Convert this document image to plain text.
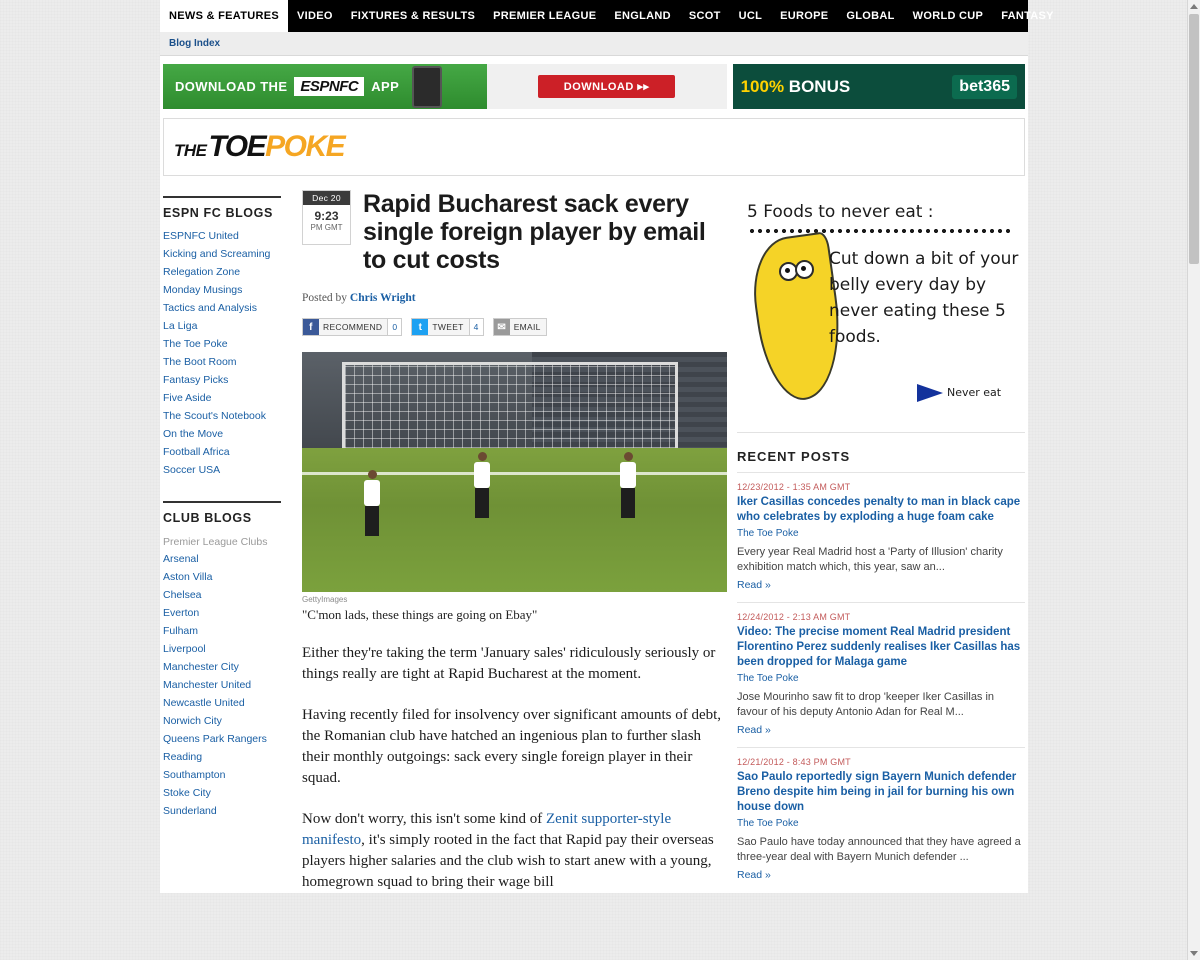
NEWS & FEATURES VIDEO FIXTURES & RESULTS PREMIER LEAGUE ENGLAND SCOT UCL EUROPE GLOBAL WORLD CUP FANTASY
Blog Index
DOWNLOAD THE ESPNFC	APP	DOWNLOAD ▸▸	100% BONUS	bet365
THE TOE POKE
ESPN FC BLOGS
ESPNFC United
Kicking and Screaming
Relegation Zone
Monday Musings
Tactics and Analysis
La Liga
The Toe Poke
The Boot Room
Fantasy Picks
Five Aside
The Scout's Notebook
On the Move
Football Africa
Soccer USA
CLUB BLOGS
Premier League Clubs
Arsenal
Aston Villa
Chelsea
Everton
Fulham
Liverpool
Manchester City
Manchester United
Newcastle United
Norwich City
Queens Park Rangers
Reading
Southampton
Stoke City
Sunderland
Dec 20
9:23
PM GMT
Rapid Bucharest sack every single foreign player by email to cut costs

Posted by Chris Wright

f	RECOMMEND	0	t	TWEET	4	✉ EMAIL
GettyImages
"C'mon lads, these things are going on Ebay"

Either they're taking the term 'January sales' ridiculously seriously or things really are tight at Rapid Bucharest at the moment.

Having recently filed for insolvency over significant amounts of debt, the Romanian club have hatched an ingenious plan to further slash their monthly outgoings: sack every single foreign player in their squad.

Now don't worry, this isn't some kind of Zenit supporter-style manifesto, it's simply rooted in the fact that Rapid pay their overseas players higher salaries and the club wish to start anew with a young, homegrown squad to bring their wage bill

5 Foods to never eat :
Cut down a bit of your belly every day by never eating these 5 foods.
Never eat
RECENT POSTS
12/23/2012 - 1:35 AM GMT
Iker Casillas concedes penalty to man in black cape who celebrates by exploding a huge foam cake
The Toe Poke
Every year Real Madrid host a 'Party of Illusion' charity exhibition match which, this year, saw an...
Read »
12/24/2012 - 2:13 AM GMT
Video: The precise moment Real Madrid president Florentino Perez suddenly realises Iker Casillas has been dropped for Malaga game
The Toe Poke
Jose Mourinho saw fit to drop 'keeper Iker Casillas in favour of his deputy Antonio Adan for Real M...
Read »
12/21/2012 - 8:43 PM GMT
Sao Paulo reportedly sign Bayern Munich defender Breno despite him being in jail for burning his own house down
The Toe Poke
Sao Paulo have today announced that they have agreed a three-year deal with Bayern Munich defender ...
Read »
